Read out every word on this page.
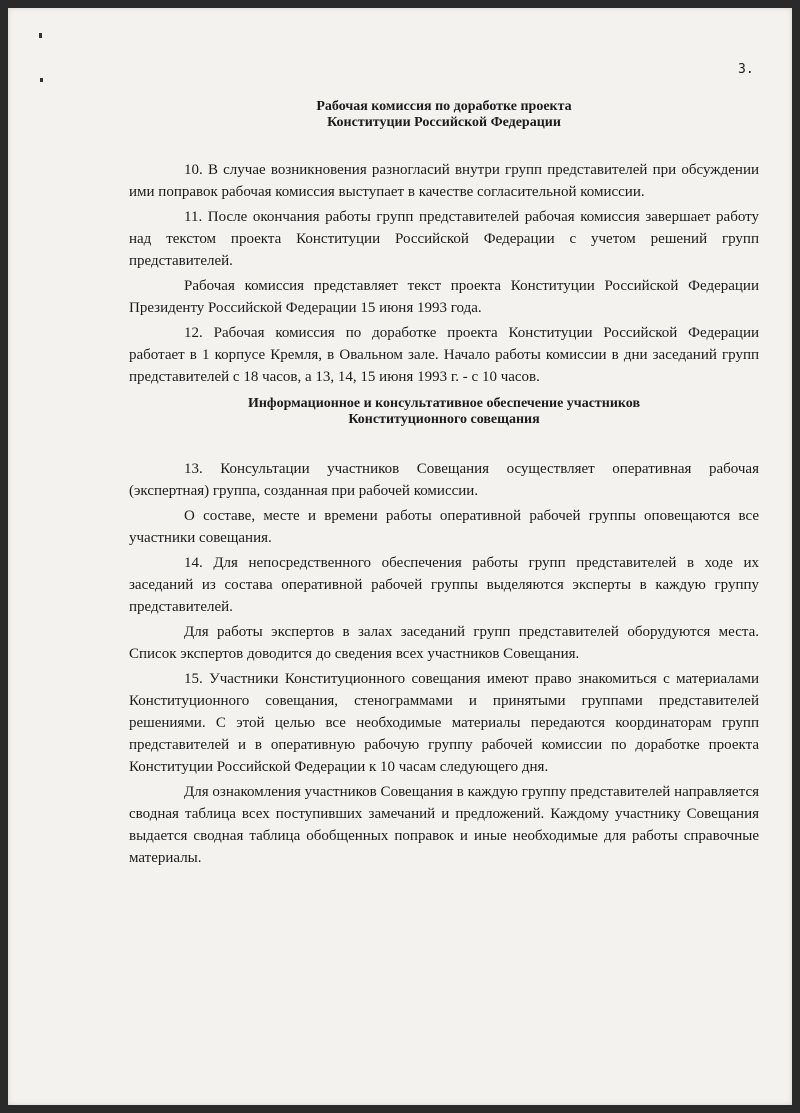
3.
Рабочая комиссия по доработке проекта
Конституции Российской Федерации

10. В случае возникновения разногласий внутри групп представителей при обсуждении ими поправок рабочая комиссия выступает в качестве согласительной комиссии.

11. После окончания работы групп представителей рабочая комиссия завершает работу над текстом проекта Конституции Российской Федерации с учетом решений групп представителей.

Рабочая комиссия представляет текст проекта Конституции Российской Федерации Президенту Российской Федерации 15 июня 1993 года.

12. Рабочая комиссия по доработке проекта Конституции Российской Федерации работает в 1 корпусе Кремля, в Овальном зале. Начало работы комиссии в дни заседаний групп представителей с 18 часов, а 13, 14, 15 июня 1993 г. - с 10 часов.

Информационное и консультативное обеспечение участников
Конституционного совещания

13. Консультации участников Совещания осуществляет оперативная рабочая (экспертная) группа, созданная при рабочей комиссии.

О составе, месте и времени работы оперативной рабочей группы оповещаются все участники совещания.

14. Для непосредственного обеспечения работы групп представителей в ходе их заседаний из состава оперативной рабочей группы выделяются эксперты в каждую группу представителей.

Для работы экспертов в залах заседаний групп представителей оборудуются места. Список экспертов доводится до сведения всех участников Совещания.

15. Участники Конституционного совещания имеют право знакомиться с материалами Конституционного совещания, стенограммами и принятыми группами представителей решениями. С этой целью все необходимые материалы передаются координаторам групп представителей и в оперативную рабочую группу рабочей комиссии по доработке проекта Конституции Российской Федерации к 10 часам следующего дня.

Для ознакомления участников Совещания в каждую группу представителей направляется сводная таблица всех поступивших замечаний и предложений. Каждому участнику Совещания выдается сводная таблица обобщенных поправок и иные необходимые для работы справочные материалы.
